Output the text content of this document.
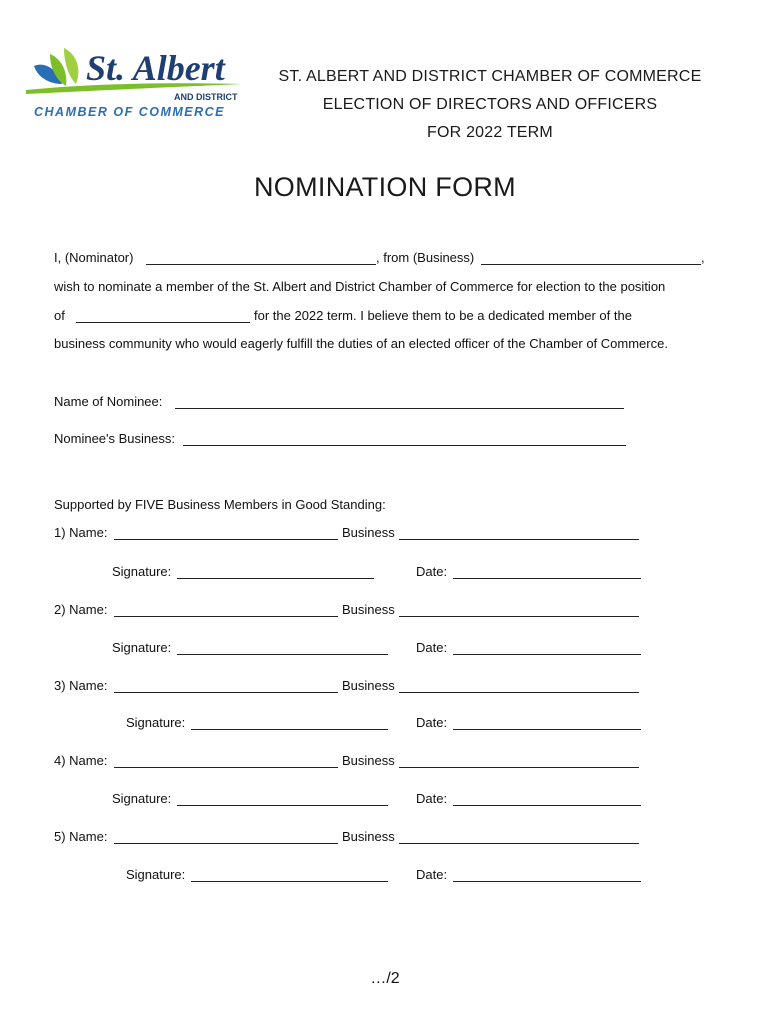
St. Albert
AND DISTRICT
CHAMBER OF COMMERCE
ST. ALBERT AND DISTRICT CHAMBER OF COMMERCE
ELECTION OF DIRECTORS AND OFFICERS
FOR 2022 TERM
NOMINATION FORM
I, (Nominator)	, from (Business)	,
wish to nominate a member of the St. Albert and District Chamber of Commerce for election to the position
of	for the 2022 term. I believe them to be a dedicated member of the
business community who would eagerly fulfill the duties of an elected officer of the Chamber of Commerce.
Name of Nominee:
Nominee's Business:
Supported by FIVE Business Members in Good Standing:
1) Name:	Business
Signature:	Date:
2) Name:	Business
Signature:	Date:
3) Name:	Business
Signature:	Date:
4) Name:	Business
Signature:	Date:
5) Name:	Business
Signature:	Date:
…/2
